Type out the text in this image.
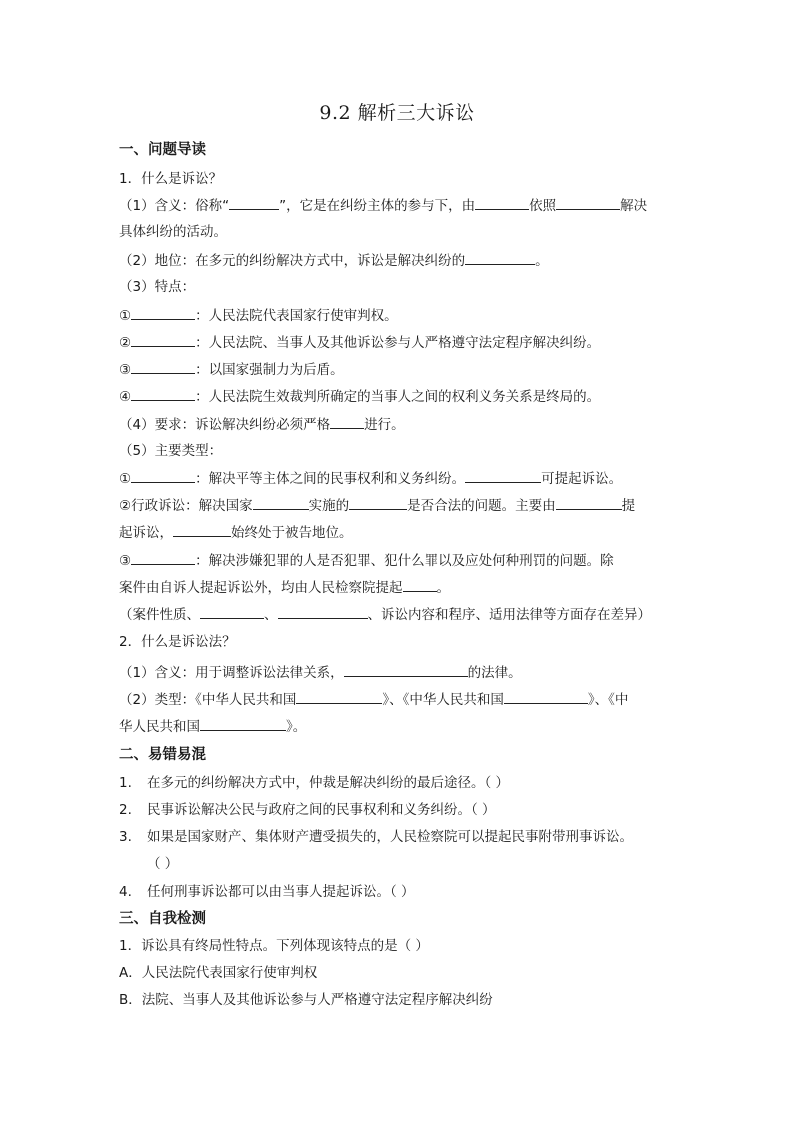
9.2 解析三大诉讼
一、问题导读
1．什么是诉讼？
（1）含义：俗称“	”，它是在纠纷主体的参与下，由	依照	解决
具体纠纷的活动。
（2）地位：在多元的纠纷解决方式中，诉讼是解决纠纷的	。
（3）特点：
①	：人民法院代表国家行使审判权。
②	：人民法院、当事人及其他诉讼参与人严格遵守法定程序解决纠纷。
③	：以国家强制力为后盾。
④	：人民法院生效裁判所确定的当事人之间的权利义务关系是终局的。
（4）要求：诉讼解决纠纷必须严格	进行。
（5）主要类型：
①	：解决平等主体之间的民事权利和义务纠纷。	可提起诉讼。
②行政诉讼：解决国家	实施的	是否合法的问题。主要由	提
起诉讼，	始终处于被告地位。
③	：解决涉嫌犯罪的人是否犯罪、犯什么罪以及应处何种刑罚的问题。除
案件由自诉人提起诉讼外，均由人民检察院提起	。
（案件性质、	、	、诉讼内容和程序、适用法律等方面存在差异）
2．什么是诉讼法？
（1）含义：用于调整诉讼法律关系，	的法律。
（2）类型：《中华人民共和国	》、《中华人民共和国	》、《中
华人民共和国	》。
二、易错易混
1. 在多元的纠纷解决方式中，仲裁是解决纠纷的最后途径。（ ）
2. 民事诉讼解决公民与政府之间的民事权利和义务纠纷。（ ）
3. 如果是国家财产、集体财产遭受损失的，人民检察院可以提起民事附带刑事诉讼。
（ ）
4. 任何刑事诉讼都可以由当事人提起诉讼。（ ）
三、自我检测
1．诉讼具有终局性特点。下列体现该特点的是（ ）
A．人民法院代表国家行使审判权
B．法院、当事人及其他诉讼参与人严格遵守法定程序解决纠纷
